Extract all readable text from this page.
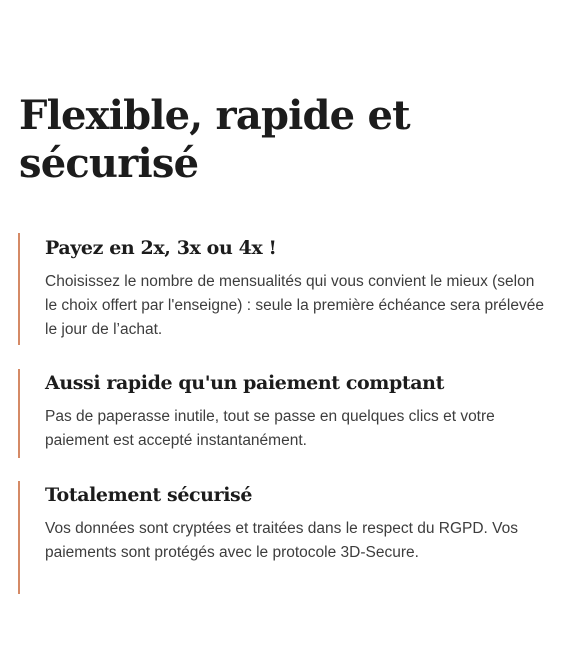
Flexible, rapide et
sécurisé
Payez en 2x, 3x ou 4x !

Choisissez le nombre de mensualités qui vous convient le mieux (selon le choix offert par l'enseigne) : seule la première échéance sera prélevée le jour de l’achat.

Aussi rapide qu'un paiement comptant

Pas de paperasse inutile, tout se passe en quelques clics et votre paiement est accepté instantanément.

Totalement sécurisé

Vos données sont cryptées et traitées dans le respect du RGPD. Vos paiements sont protégés avec le protocole 3D-Secure.
